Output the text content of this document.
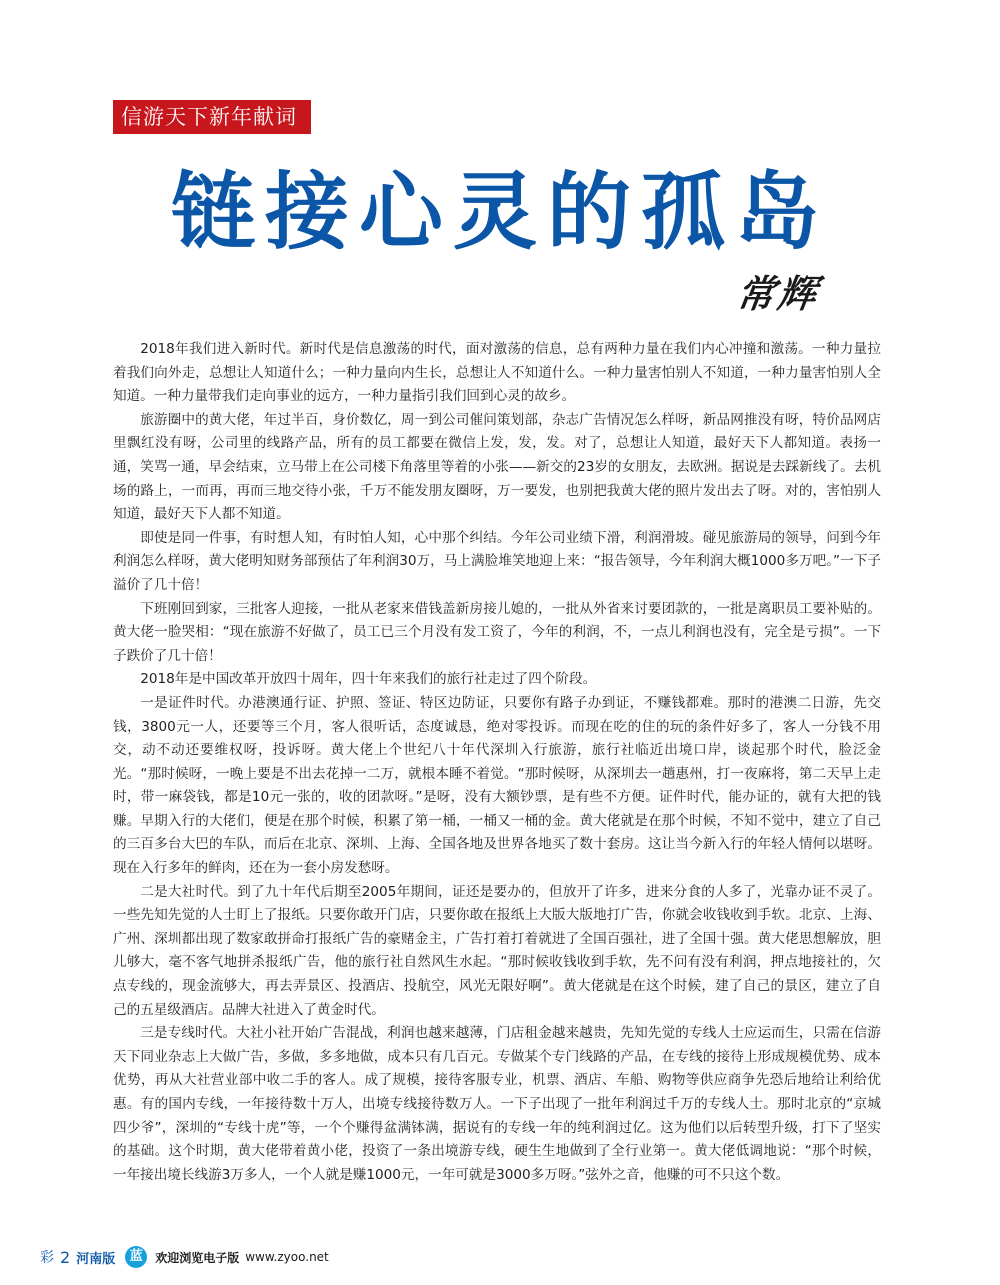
信游天下新年献词
链接心灵的孤岛
常辉

2018年我们进入新时代。新时代是信息激荡的时代，面对激荡的信息，总有两种力量在我们内心冲撞和激荡。一种力量拉着我们向外走，总想让人知道什么；一种力量向内生长，总想让人不知道什么。一种力量害怕别人不知道，一种力量害怕别人全知道。一种力量带我们走向事业的远方，一种力量指引我们回到心灵的故乡。

旅游圈中的黄大佬，年过半百，身价数亿，周一到公司催问策划部，杂志广告情况怎么样呀，新品网推没有呀，特价品网店里飘红没有呀，公司里的线路产品，所有的员工都要在微信上发，发，发。对了，总想让人知道，最好天下人都知道。表扬一通，笑骂一通，早会结束，立马带上在公司楼下角落里等着的小张——新交的23岁的女朋友，去欧洲。据说是去踩新线了。去机场的路上，一而再，再而三地交待小张，千万不能发朋友圈呀，万一要发，也别把我黄大佬的照片发出去了呀。对的，害怕别人知道，最好天下人都不知道。

即使是同一件事，有时想人知，有时怕人知，心中那个纠结。今年公司业绩下滑，利润滑坡。碰见旅游局的领导，问到今年利润怎么样呀，黄大佬明知财务部预估了年利润30万，马上满脸堆笑地迎上来：“报告领导，今年利润大概1000多万吧。”一下子溢价了几十倍！

下班刚回到家，三批客人迎接，一批从老家来借钱盖新房接儿媳的，一批从外省来讨要团款的，一批是离职员工要补贴的。黄大佬一脸哭相：“现在旅游不好做了，员工已三个月没有发工资了，今年的利润，不，一点儿利润也没有，完全是亏损”。一下子跌价了几十倍！

2018年是中国改革开放四十周年，四十年来我们的旅行社走过了四个阶段。

一是证件时代。办港澳通行证、护照、签证、特区边防证，只要你有路子办到证，不赚钱都难。那时的港澳二日游，先交钱，3800元一人，还要等三个月，客人很听话，态度诚恳，绝对零投诉。而现在吃的住的玩的条件好多了，客人一分钱不用交，动不动还要维权呀，投诉呀。黄大佬上个世纪八十年代深圳入行旅游，旅行社临近出境口岸，谈起那个时代，脸泛金光。“那时候呀，一晚上要是不出去花掉一二万，就根本睡不着觉。“那时候呀，从深圳去一趟惠州，打一夜麻将，第二天早上走时，带一麻袋钱，都是10元一张的，收的团款呀。”是呀，没有大额钞票，是有些不方便。证件时代，能办证的，就有大把的钱赚。早期入行的大佬们，便是在那个时候，积累了第一桶，一桶又一桶的金。黄大佬就是在那个时候，不知不觉中，建立了自己的三百多台大巴的车队，而后在北京、深圳、上海、全国各地及世界各地买了数十套房。这让当今新入行的年轻人情何以堪呀。现在入行多年的鲜肉，还在为一套小房发愁呀。

二是大社时代。到了九十年代后期至2005年期间，证还是要办的，但放开了许多，进来分食的人多了，光靠办证不灵了。一些先知先觉的人士盯上了报纸。只要你敢开门店，只要你敢在报纸上大版大版地打广告，你就会收钱收到手软。北京、上海、广州、深圳都出现了数家敢拼命打报纸广告的豪赌金主，广告打着打着就进了全国百强社，进了全国十强。黄大佬思想解放，胆儿够大，毫不客气地拼杀报纸广告，他的旅行社自然风生水起。“那时候收钱收到手软，先不问有没有利润，押点地接社的，欠点专线的，现金流够大，再去弄景区、投酒店、投航空，风光无限好啊”。黄大佬就是在这个时候，建了自己的景区，建立了自己的五星级酒店。品牌大社进入了黄金时代。

三是专线时代。大社小社开始广告混战，利润也越来越薄，门店租金越来越贵，先知先觉的专线人士应运而生，只需在信游天下同业杂志上大做广告，多做，多多地做，成本只有几百元。专做某个专门线路的产品，在专线的接待上形成规模优势、成本优势，再从大社营业部中收二手的客人。成了规模，接待客服专业，机票、酒店、车船、购物等供应商争先恐后地给让利给优惠。有的国内专线，一年接待数十万人，出境专线接待数万人。一下子出现了一批年利润过千万的专线人士。那时北京的“京城四少爷”，深圳的“专线十虎”等，一个个赚得盆满钵满，据说有的专线一年的纯利润过亿。这为他们以后转型升级，打下了坚实的基础。这个时期，黄大佬带着黄小佬，投资了一条出境游专线，硬生生地做到了全行业第一。黄大佬低调地说：“那个时候，一年接出境长线游3万多人，一个人就是赚1000元，一年可就是3000多万呀。”弦外之音，他赚的可不只这个数。

彩 2 河南版	蓝	欢迎浏览电子版 www.zyoo.net
